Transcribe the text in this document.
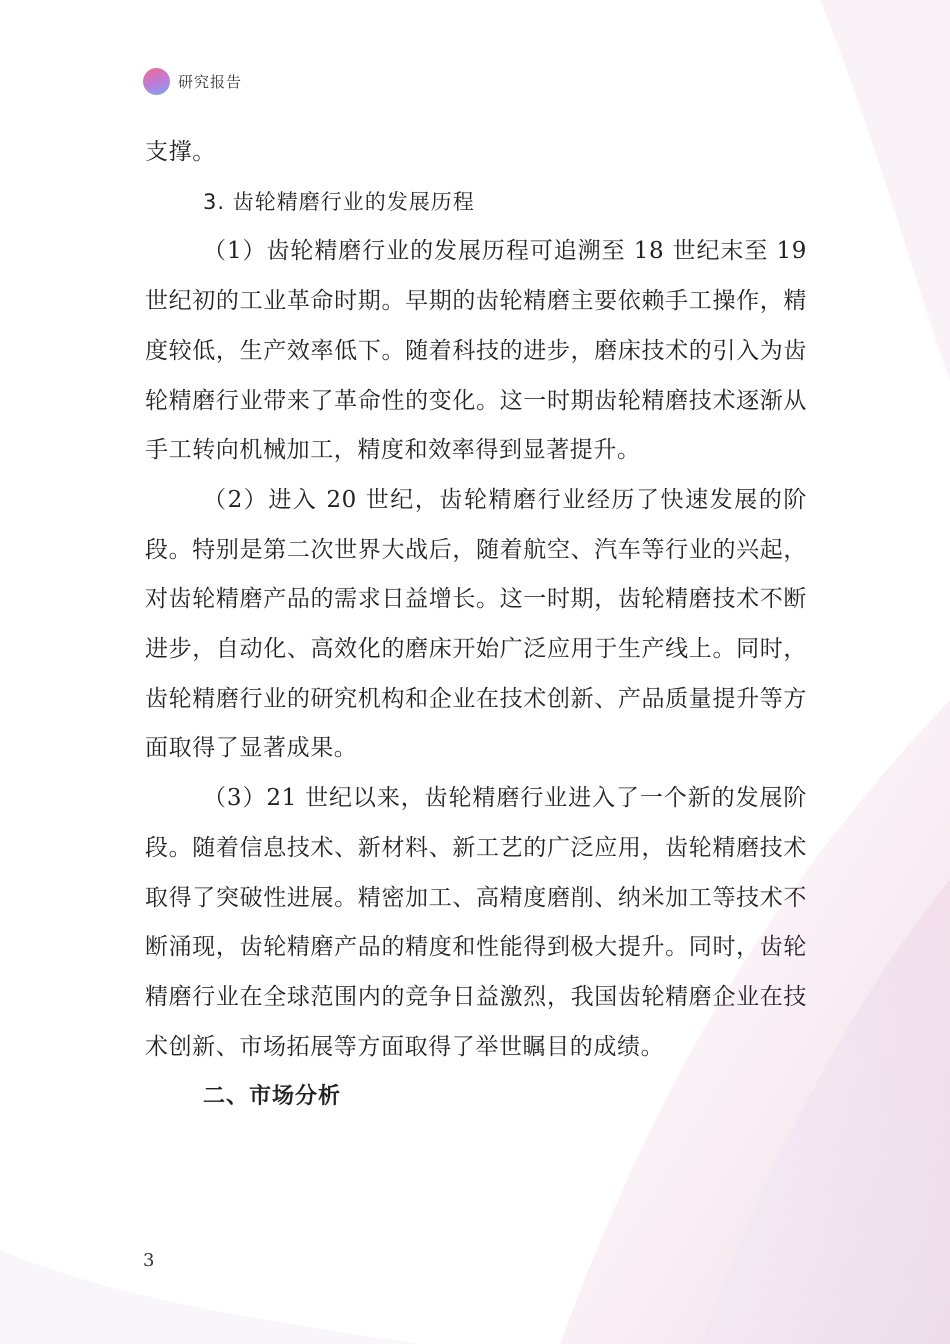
研究报告

支撑。

3. 齿轮精磨行业的发展历程

（1）齿轮精磨行业的发展历程可追溯至 18 世纪末至 19 世纪初的工业革命时期。早期的齿轮精磨主要依赖手工操作，精度较低，生产效率低下。随着科技的进步，磨床技术的引入为齿轮精磨行业带来了革命性的变化。这一时期齿轮精磨技术逐渐从手工转向机械加工，精度和效率得到显著提升。

（2）进入 20 世纪，齿轮精磨行业经历了快速发展的阶段。特别是第二次世界大战后，随着航空、汽车等行业的兴起，对齿轮精磨产品的需求日益增长。这一时期，齿轮精磨技术不断进步，自动化、高效化的磨床开始广泛应用于生产线上。同时，齿轮精磨行业的研究机构和企业在技术创新、产品质量提升等方面取得了显著成果。

（3）21 世纪以来，齿轮精磨行业进入了一个新的发展阶段。随着信息技术、新材料、新工艺的广泛应用，齿轮精磨技术取得了突破性进展。精密加工、高精度磨削、纳米加工等技术不断涌现，齿轮精磨产品的精度和性能得到极大提升。同时，齿轮精磨行业在全球范围内的竞争日益激烈，我国齿轮精磨企业在技术创新、市场拓展等方面取得了举世瞩目的成绩。

二、市场分析

3
